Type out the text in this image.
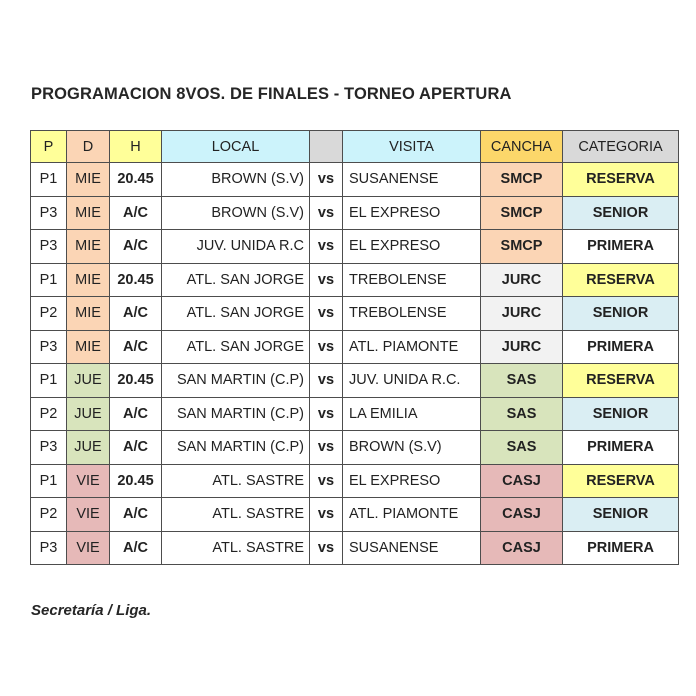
PROGRAMACION 8VOS. DE FINALES - TORNEO APERTURA
P	D	H	LOCAL		VISITA	CANCHA	CATEGORIA
P1	MIE	20.45	BROWN (S.V)	vs	SUSANENSE	SMCP	RESERVA
P3	MIE	A/C	BROWN (S.V)	vs	EL EXPRESO	SMCP	SENIOR
P3	MIE	A/C	JUV. UNIDA R.C	vs	EL EXPRESO	SMCP	PRIMERA
P1	MIE	20.45	ATL. SAN JORGE	vs	TREBOLENSE	JURC	RESERVA
P2	MIE	A/C	ATL. SAN JORGE	vs	TREBOLENSE	JURC	SENIOR
P3	MIE	A/C	ATL. SAN JORGE	vs	ATL. PIAMONTE	JURC	PRIMERA
P1	JUE	20.45	SAN MARTIN (C.P)	vs	JUV. UNIDA R.C.	SAS	RESERVA
P2	JUE	A/C	SAN MARTIN (C.P)	vs	LA EMILIA	SAS	SENIOR
P3	JUE	A/C	SAN MARTIN (C.P)	vs	BROWN (S.V)	SAS	PRIMERA
P1	VIE	20.45	ATL. SASTRE	vs	EL EXPRESO	CASJ	RESERVA
P2	VIE	A/C	ATL. SASTRE	vs	ATL. PIAMONTE	CASJ	SENIOR
P3	VIE	A/C	ATL. SASTRE	vs	SUSANENSE	CASJ	PRIMERA
Secretaría / Liga.
